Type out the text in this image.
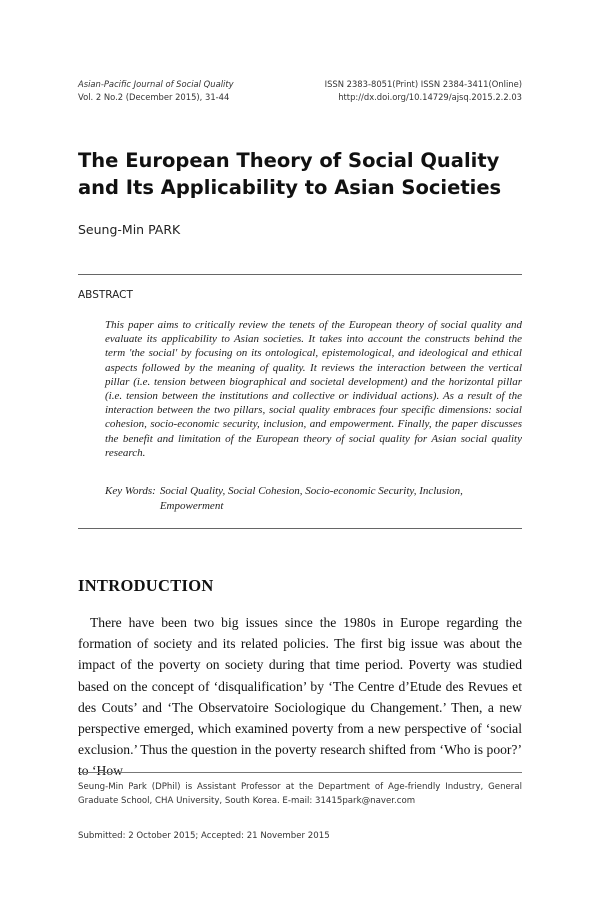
Asian-Pacific Journal of Social Quality
Vol. 2 No.2 (December 2015), 31-44
ISSN 2383-8051(Print) ISSN 2384-3411(Online)
http://dx.doi.org/10.14729/ajsq.2015.2.2.03
The European Theory of Social Quality and Its Applicability to Asian Societies
Seung-Min PARK
ABSTRACT

This paper aims to critically review the tenets of the European theory of social quality and evaluate its applicability to Asian societies. It takes into account the constructs behind the term 'the social' by focusing on its ontological, epistemological, and ideological and ethical aspects followed by the meaning of quality. It reviews the interaction between the vertical pillar (i.e. tension between biographical and societal development) and the horizontal pillar (i.e. tension between the institutions and collective or individual actions). As a result of the interaction between the two pillars, social quality embraces four specific dimensions: social cohesion, socio-economic security, inclusion, and empowerment. Finally, the paper discusses the benefit and limitation of the European theory of social quality for Asian social quality research.

Key Words: Social Quality, Social Cohesion, Socio-economic Security, Inclusion, Empowerment
INTRODUCTION

There have been two big issues since the 1980s in Europe regarding the formation of society and its related policies. The first big issue was about the impact of the poverty on society during that time period. Poverty was studied based on the concept of ‘disqualification’ by ‘The Centre d’Etude des Revues et des Couts’ and ‘The Observatoire Sociologique du Changement.’ Then, a new perspective emerged, which examined poverty from a new perspective of ‘social exclusion.’ Thus the question in the poverty research shifted from ‘Who is poor?’ to ‘How

Seung-Min Park (DPhil) is Assistant Professor at the Department of Age-friendly Industry, General Graduate School, CHA University, South Korea. E-mail: 31415park@naver.com

Submitted: 2 October 2015; Accepted: 21 November 2015
